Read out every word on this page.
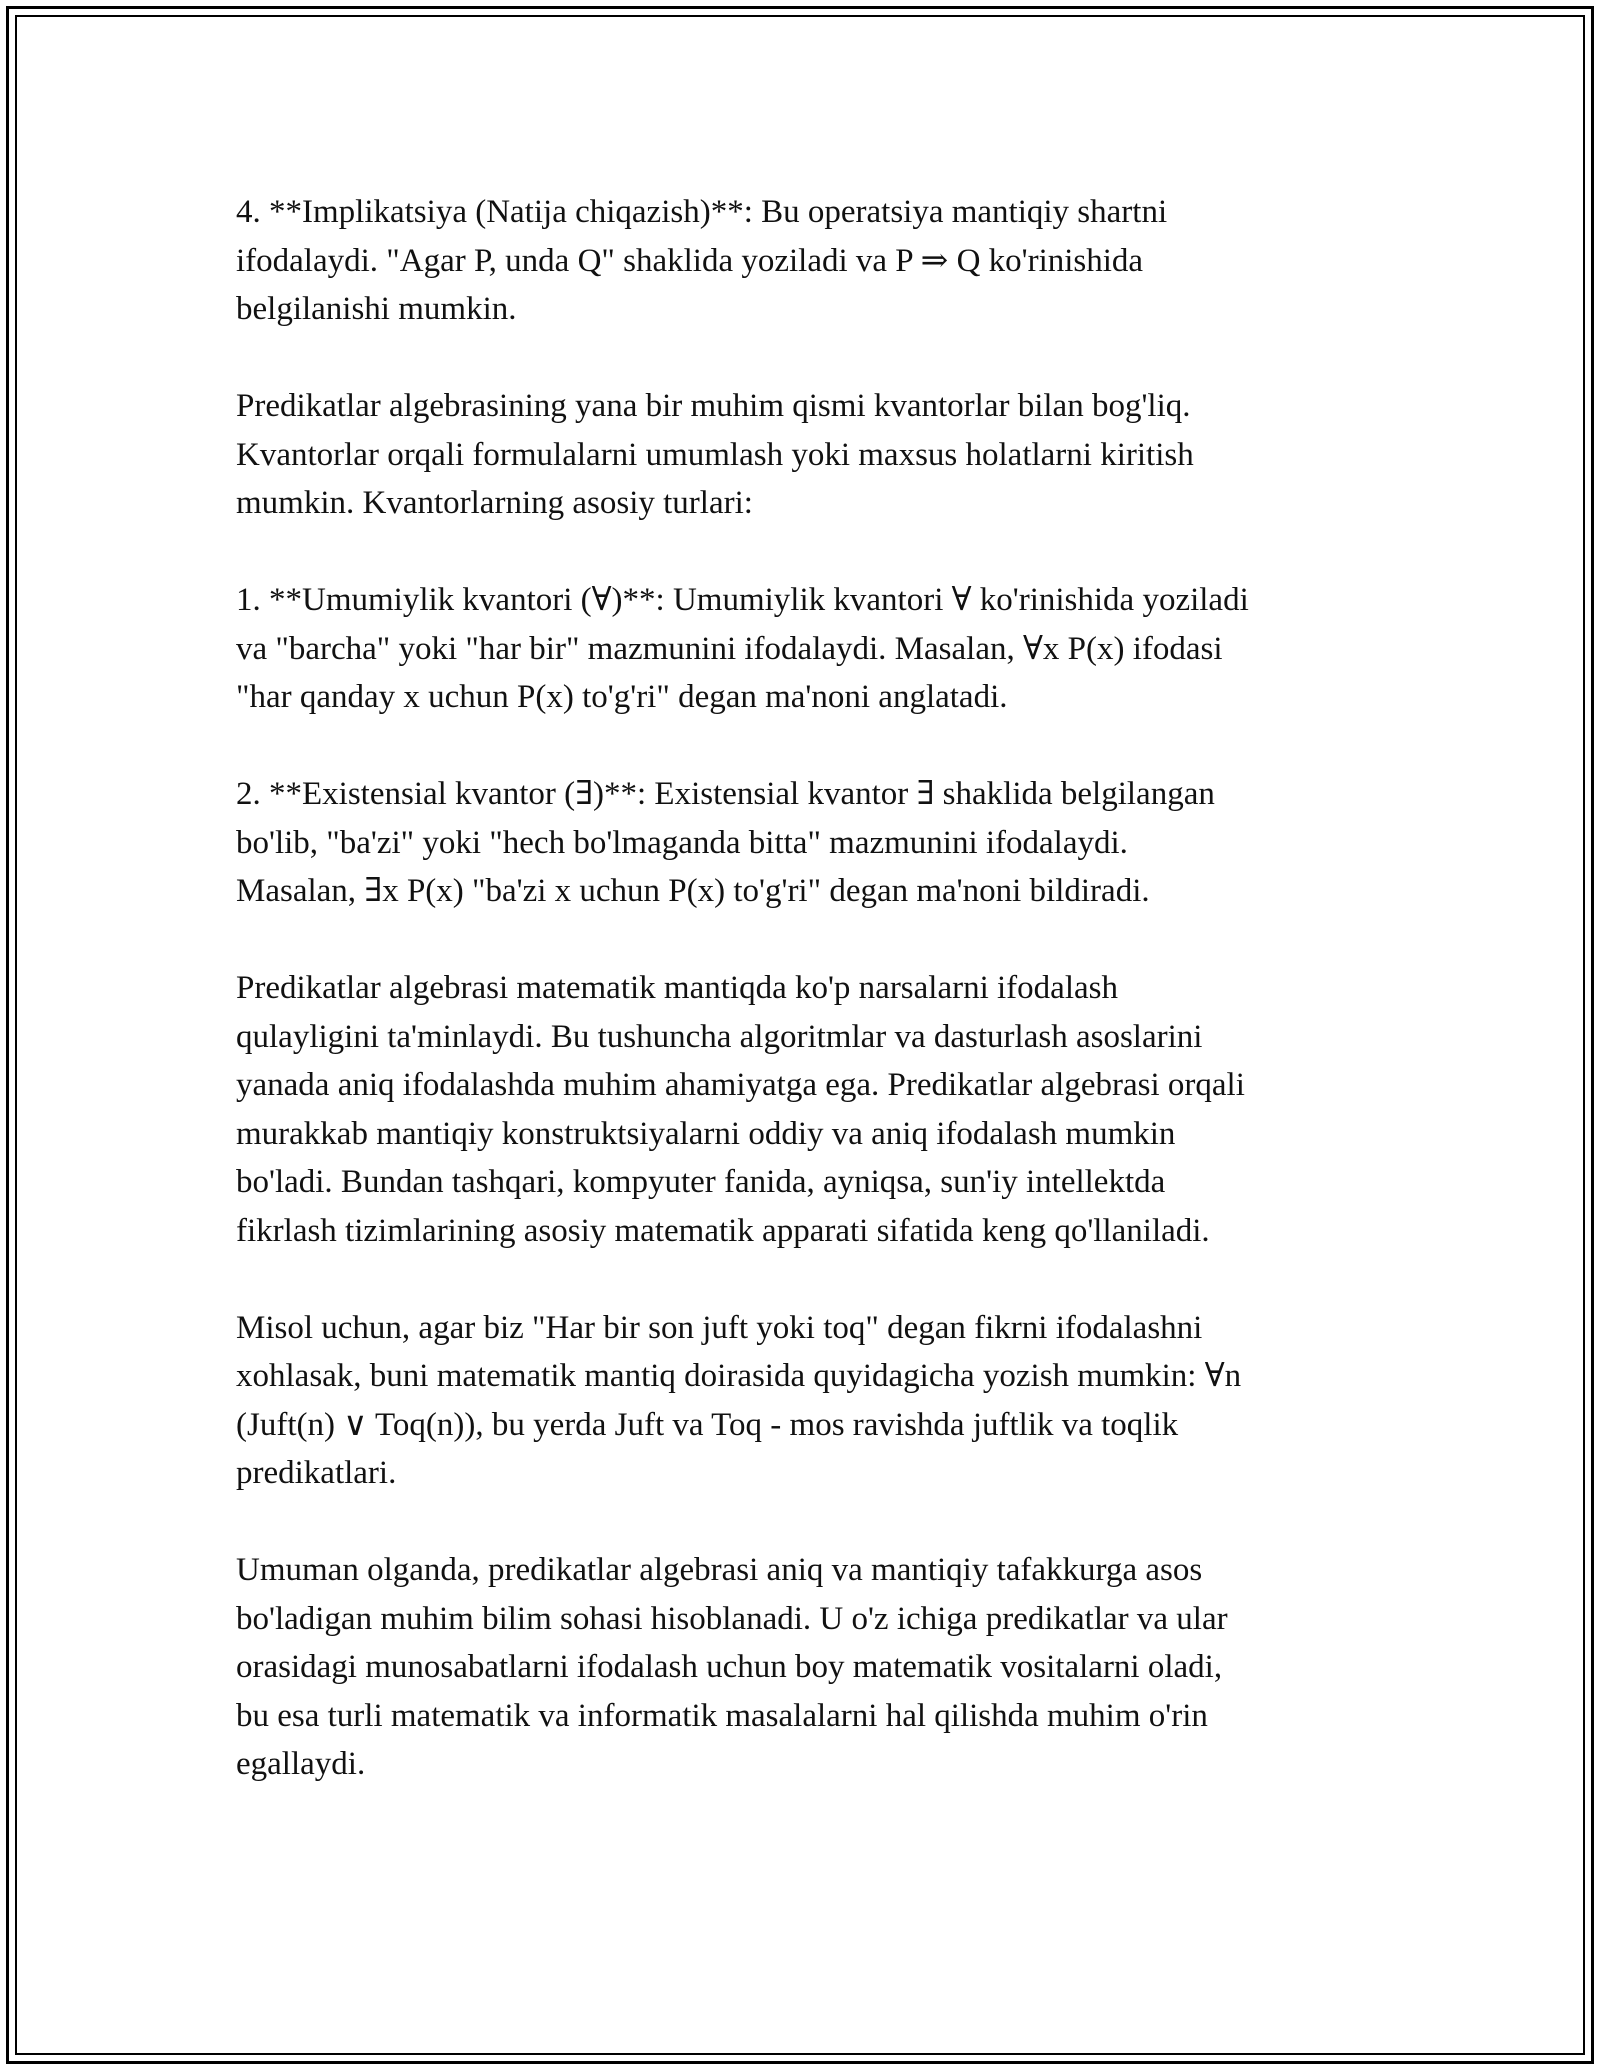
4. **Implikatsiya (Natija chiqazish)**: Bu operatsiya mantiqiy shartni
ifodalaydi. "Agar P, unda Q" shaklida yoziladi va P ⇒ Q ko'rinishida
belgilanishi mumkin.

Predikatlar algebrasining yana bir muhim qismi kvantorlar bilan bog'liq.
Kvantorlar orqali formulalarni umumlash yoki maxsus holatlarni kiritish
mumkin. Kvantorlarning asosiy turlari:

1. **Umumiylik kvantori (∀)**: Umumiylik kvantori ∀ ko'rinishida yoziladi
va "barcha" yoki "har bir" mazmunini ifodalaydi. Masalan, ∀x P(x) ifodasi
"har qanday x uchun P(x) to'g'ri" degan ma'noni anglatadi.

2. **Existensial kvantor (∃)**: Existensial kvantor ∃ shaklida belgilangan
bo'lib, "ba'zi" yoki "hech bo'lmaganda bitta" mazmunini ifodalaydi.
Masalan, ∃x P(x) "ba'zi x uchun P(x) to'g'ri" degan ma'noni bildiradi.

Predikatlar algebrasi matematik mantiqda ko'p narsalarni ifodalash
qulayligini ta'minlaydi. Bu tushuncha algoritmlar va dasturlash asoslarini
yanada aniq ifodalashda muhim ahamiyatga ega. Predikatlar algebrasi orqali
murakkab mantiqiy konstruktsiyalarni oddiy va aniq ifodalash mumkin
bo'ladi. Bundan tashqari, kompyuter fanida, ayniqsa, sun'iy intellektda
fikrlash tizimlarining asosiy matematik apparati sifatida keng qo'llaniladi.

Misol uchun, agar biz "Har bir son juft yoki toq" degan fikrni ifodalashni
xohlasak, buni matematik mantiq doirasida quyidagicha yozish mumkin: ∀n
(Juft(n) ∨ Toq(n)), bu yerda Juft va Toq - mos ravishda juftlik va toqlik
predikatlari.

Umuman olganda, predikatlar algebrasi aniq va mantiqiy tafakkurga asos
bo'ladigan muhim bilim sohasi hisoblanadi. U o'z ichiga predikatlar va ular
orasidagi munosabatlarni ifodalash uchun boy matematik vositalarni oladi,
bu esa turli matematik va informatik masalalarni hal qilishda muhim o'rin
egallaydi.
